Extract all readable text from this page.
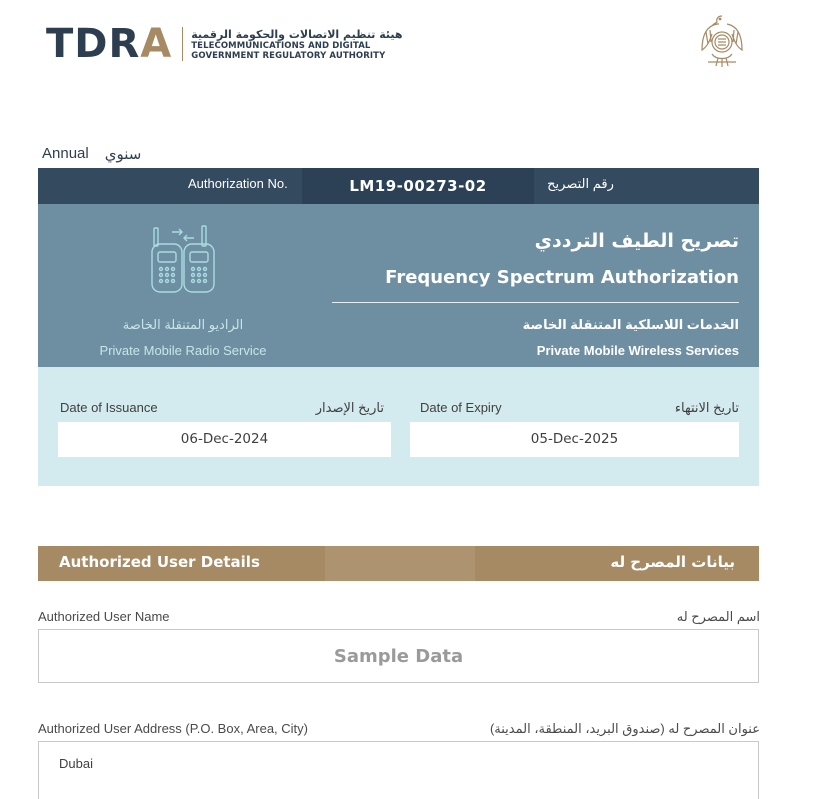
TDRA هيئة تنظيم الاتصالات والحكومة الرقمية
TELECOMMUNICATIONS AND DIGITAL
GOVERNMENT REGULATORY AUTHORITY
Annual سنوي
Authorization No.	LM19-00273-02	رقم التصريح
الراديو المتنقلة الخاصة
Private Mobile Radio Service
تصريح الطيف الترددي
Frequency Spectrum Authorization
الخدمات اللاسلكية المتنقلة الخاصة
Private Mobile Wireless Services
Date of Issuance	تاريخ الإصدار
06-Dec-2024
Date of Expiry	تاريخ الانتهاء
05-Dec-2025
Authorized User Details	بيانات المصرح له
Authorized User Name	اسم المصرح له
Sample Data
Authorized User Address (P.O. Box, Area, City)	عنوان المصرح له (صندوق البريد، المنطقة، المدينة)
Dubai
